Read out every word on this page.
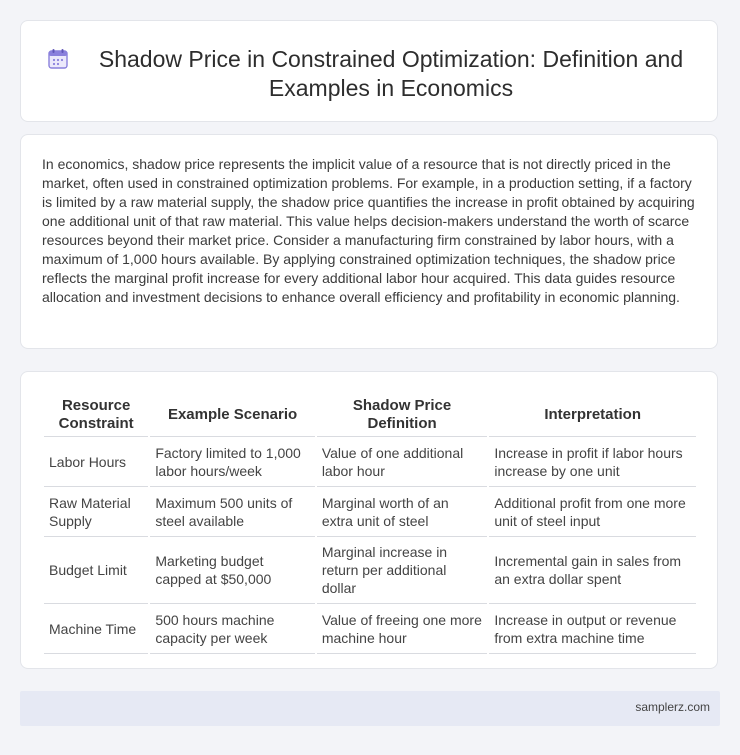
Shadow Price in Constrained Optimization: Definition and Examples in Economics

In economics, shadow price represents the implicit value of a resource that is not directly priced in the market, often used in constrained optimization problems. For example, in a production setting, if a factory is limited by a raw material supply, the shadow price quantifies the increase in profit obtained by acquiring one additional unit of that raw material. This value helps decision-makers understand the worth of scarce resources beyond their market price. Consider a manufacturing firm constrained by labor hours, with a maximum of 1,000 hours available. By applying constrained optimization techniques, the shadow price reflects the marginal profit increase for every additional labor hour acquired. This data guides resource allocation and investment decisions to enhance overall efficiency and profitability in economic planning.

Resource Constraint	Example Scenario	Shadow Price Definition	Interpretation
Labor Hours	Factory limited to 1,000 labor hours/week	Value of one additional labor hour	Increase in profit if labor hours increase by one unit
Raw Material Supply	Maximum 500 units of steel available	Marginal worth of an extra unit of steel	Additional profit from one more unit of steel input
Budget Limit	Marketing budget capped at $50,000	Marginal increase in return per additional dollar	Incremental gain in sales from an extra dollar spent
Machine Time	500 hours machine capacity per week	Value of freeing one more machine hour	Increase in output or revenue from extra machine time
samplerz.com
